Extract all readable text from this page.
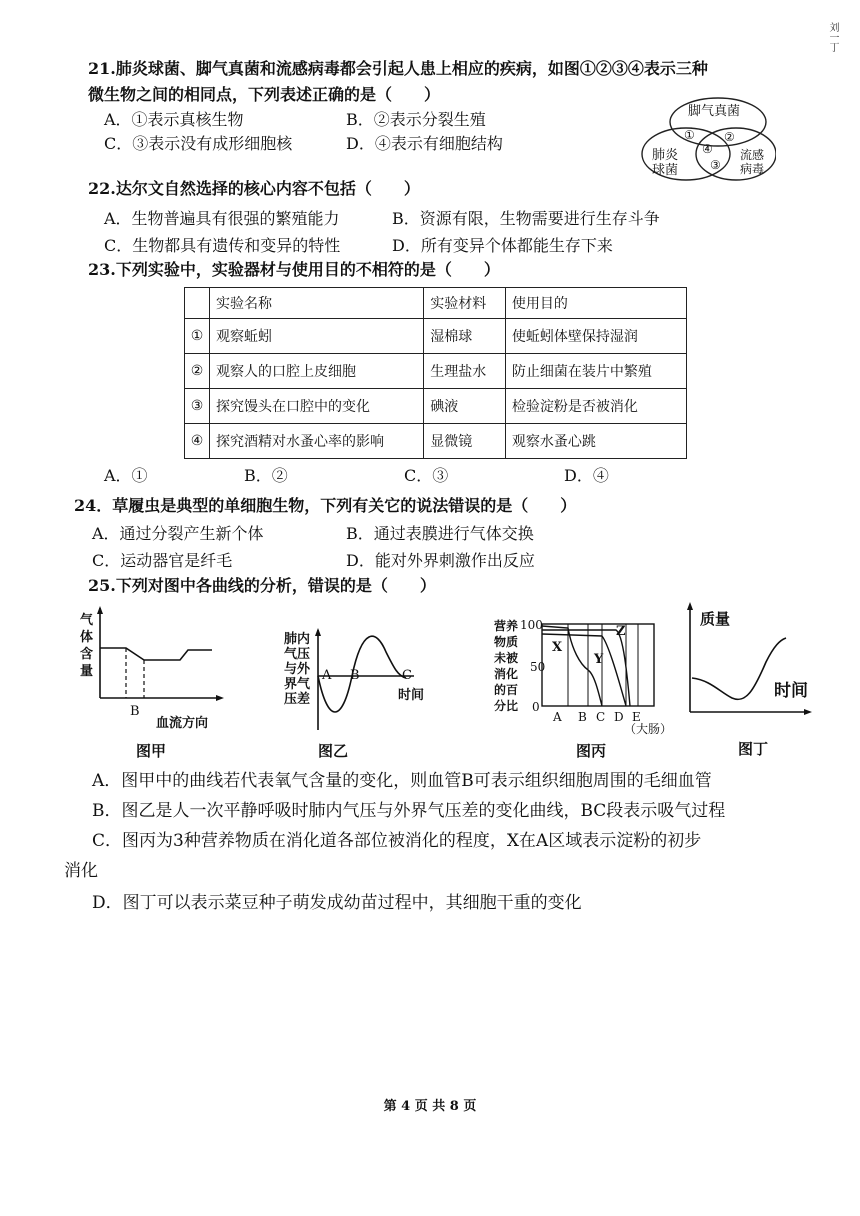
刘一丁
21.肺炎球菌、脚气真菌和流感病毒都会引起人患上相应的疾病，如图①②③④表示三种
微生物之间的相同点，下列表述正确的是（　　）
A．①表示真核生物	B．②表示分裂生殖
C．③表示没有成形细胞核	D．④表示有细胞结构
脚气真菌
肺炎
球菌
流感
病毒
① ②
③
④
22.达尔文自然选择的核心内容不包括（　　）
A．生物普遍具有很强的繁殖能力	B．资源有限，生物需要进行生存斗争
C．生物都具有遗传和变异的特性	D．所有变异个体都能生存下来
23.下列实验中，实验器材与使用目的不相符的是（　　）
	实验名称	实验材料	使用目的
①	观察蚯蚓	湿棉球	使蚯蚓体壁保持湿润
②	观察人的口腔上皮细胞	生理盐水	防止细菌在装片中繁殖
③	探究馒头在口腔中的变化	碘液	检验淀粉是否被消化
④	探究酒精对水蚤心率的影响	显微镜	观察水蚤心跳
A．①	B．②	C．③	D．④
24．草履虫是典型的单细胞生物，下列有关它的说法错误的是（　　）
A．通过分裂产生新个体	B．通过表膜进行气体交换
C．运动器官是纤毛	D．能对外界刺激作出反应
25.下列对图中各曲线的分析，错误的是（　　）
气
体
含
量
B
血流方向
图甲
肺内
气压
与外
界气
压差
A B	C
时间
图乙
营养
物质
未被
消化
的百
分比
100
50
0
X
Y
Z
A B C D E
（大肠）
图丙
质量
时间
图丁
A．图甲中的曲线若代表氧气含量的变化，则血管B可表示组织细胞周围的毛细血管
B．图乙是人一次平静呼吸时肺内气压与外界气压差的变化曲线，BC段表示吸气过程
C．图丙为3种营养物质在消化道各部位被消化的程度，X在A区域表示淀粉的初步
消化
D．图丁可以表示菜豆种子萌发成幼苗过程中，其细胞干重的变化
第 4 页 共 8 页
